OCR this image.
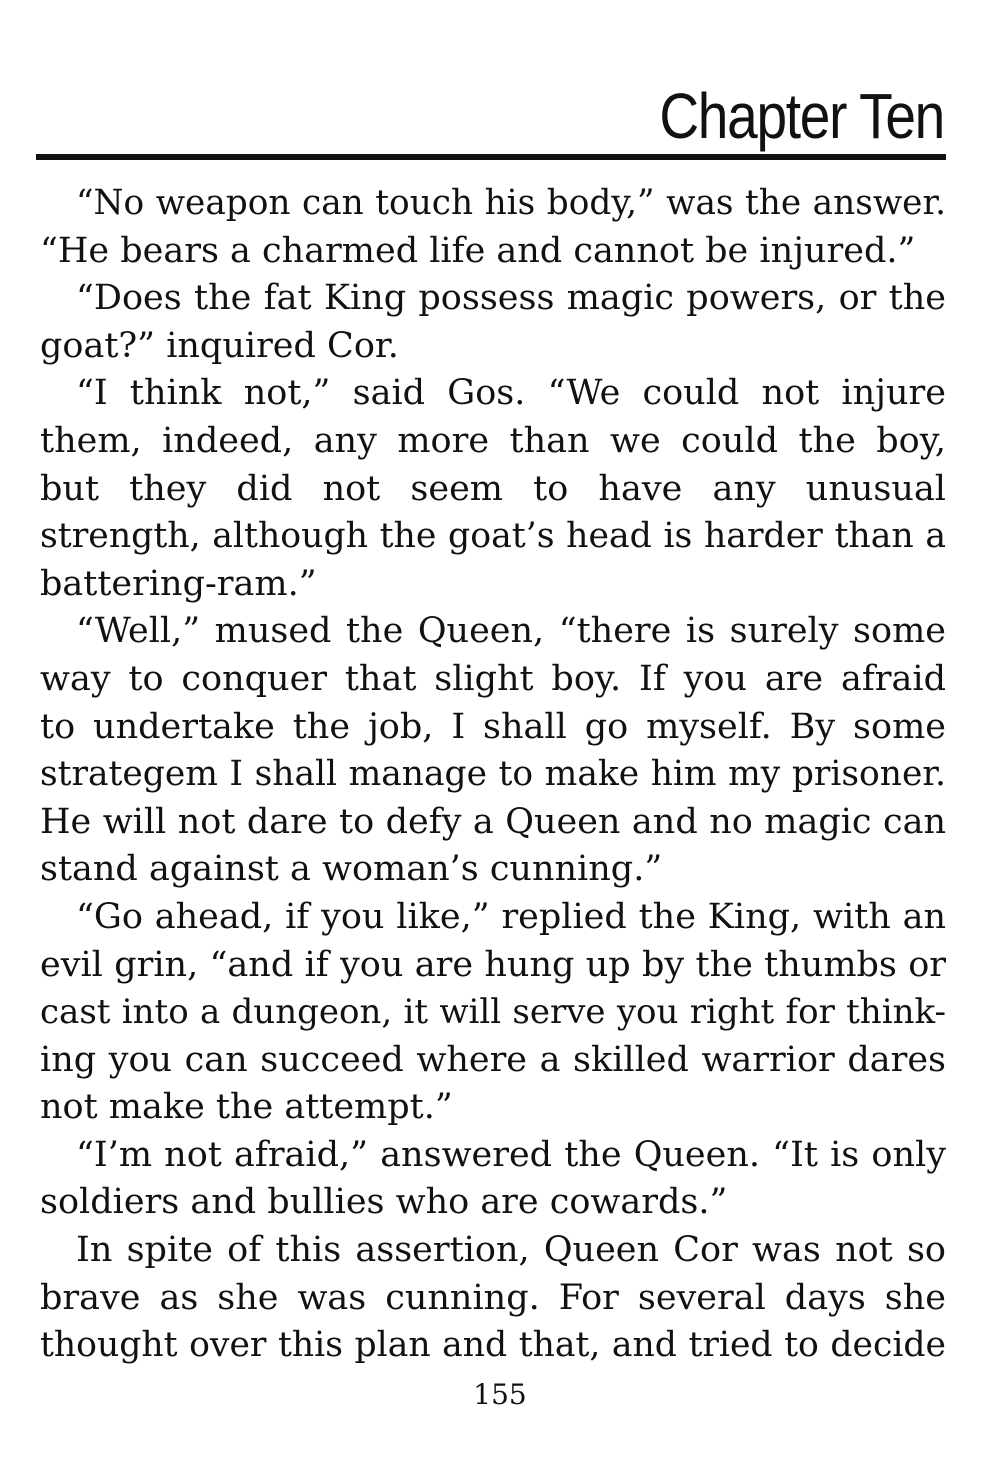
Chapter Ten
“No weapon can touch his body,” was the answer.
“He bears a charmed life and cannot be injured.”
“Does the fat King possess magic powers, or the
goat?” inquired Cor.
“I think not,” said Gos. “We could not injure
them, indeed, any more than we could the boy,
but they did not seem to have any unusual
strength, although the goat’s head is harder than a
battering-ram.”
“Well,” mused the Queen, “there is surely some
way to conquer that slight boy. If you are afraid
to undertake the job, I shall go myself. By some
strategem I shall manage to make him my prisoner.
He will not dare to defy a Queen and no magic can
stand against a woman’s cunning.”
“Go ahead, if you like,” replied the King, with an
evil grin, “and if you are hung up by the thumbs or
cast into a dungeon, it will serve you right for think-
ing you can succeed where a skilled warrior dares
not make the attempt.”
“I’m not afraid,” answered the Queen. “It is only
soldiers and bullies who are cowards.”
In spite of this assertion, Queen Cor was not so
brave as she was cunning. For several days she
thought over this plan and that, and tried to decide
155
